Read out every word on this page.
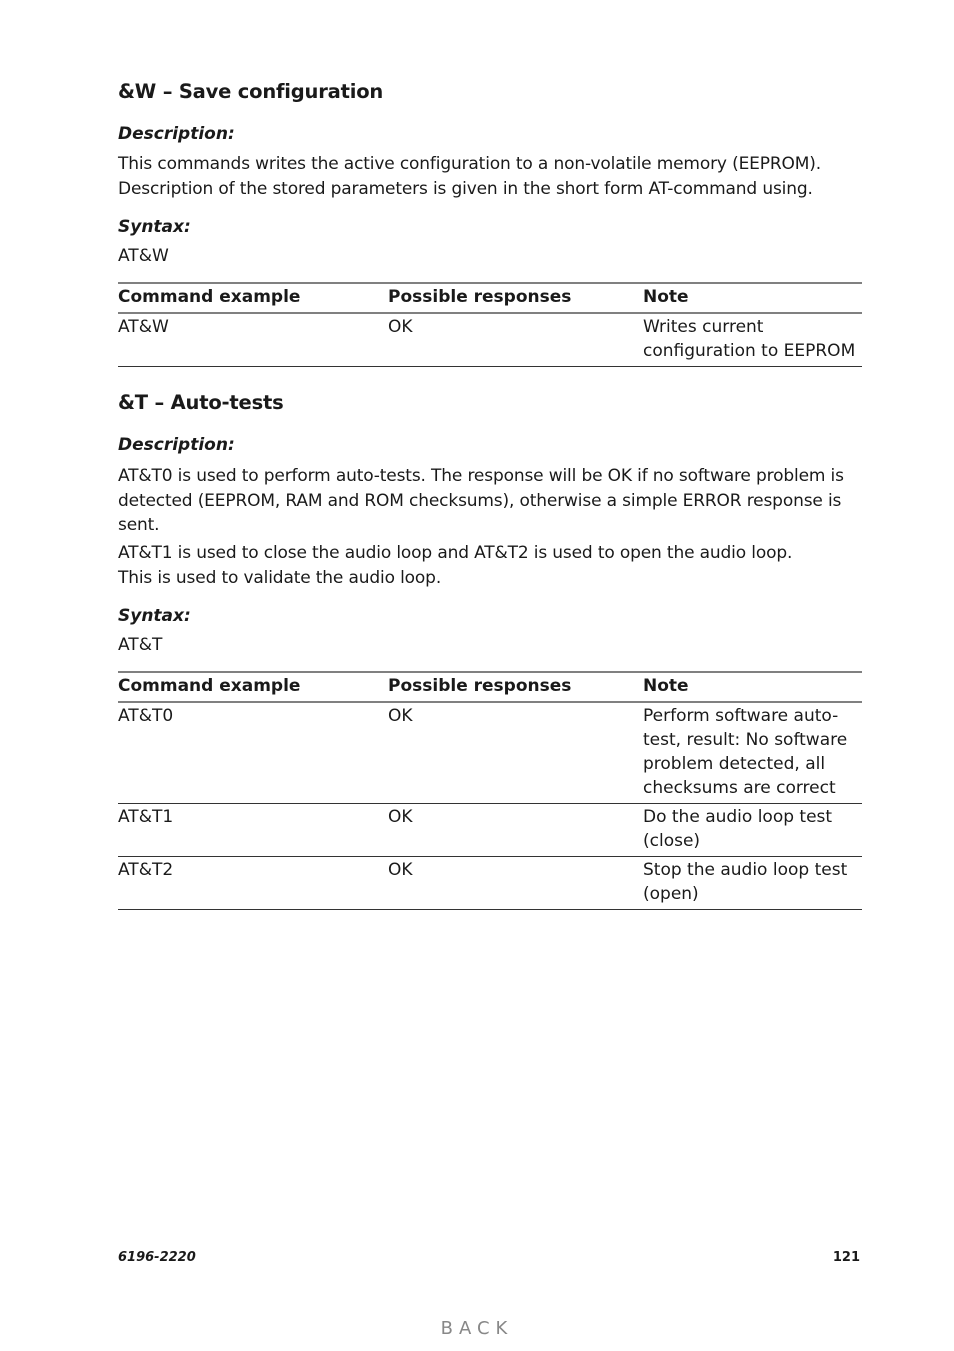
&W – Save configuration
Description:
This commands writes the active configuration to a non-volatile memory (EEPROM).
Description of the stored parameters is given in the short form AT-command using.
Syntax:
AT&W
Command example	Possible responses	Note
AT&W	OK	Writes current
configuration to EEPROM
&T – Auto-tests
Description:
AT&T0 is used to perform auto-tests. The response will be OK if no software problem is
detected (EEPROM, RAM and ROM checksums), otherwise a simple ERROR response is
sent.
AT&T1 is used to close the audio loop and AT&T2 is used to open the audio loop.
This is used to validate the audio loop.
Syntax:
AT&T
Command example	Possible responses	Note
AT&T0	OK	Perform software auto-
test, result: No software
problem detected, all
checksums are correct

AT&T1	OK	Do the audio loop test
(close)

AT&T2	OK	Stop the audio loop test
(open)
6196-2220	121
BACK
